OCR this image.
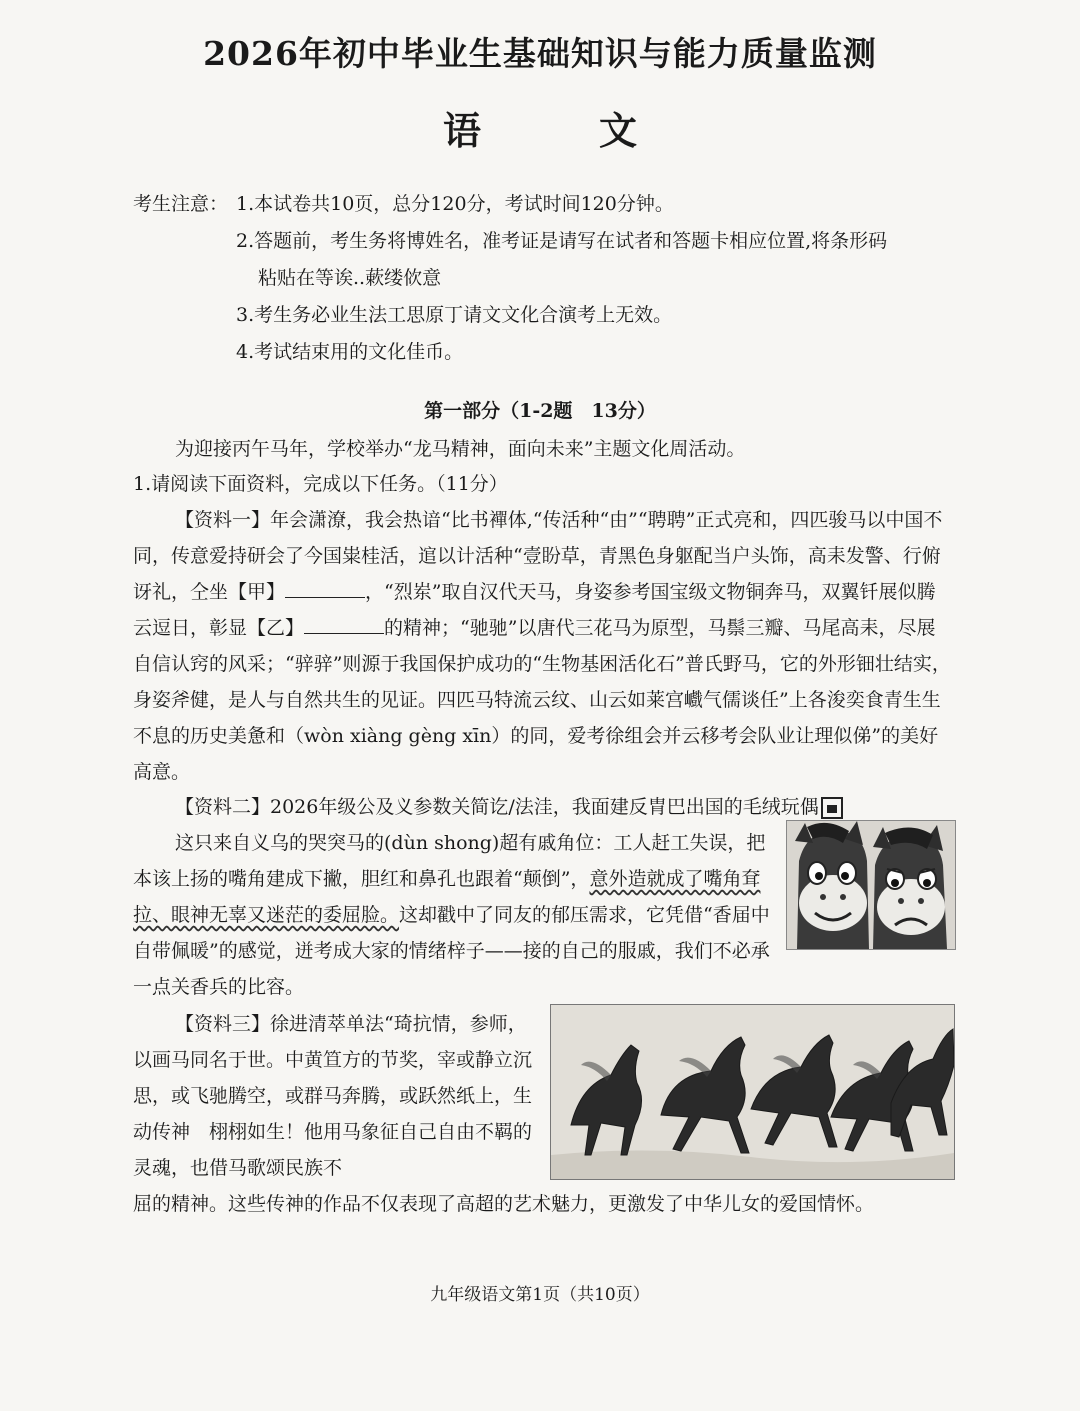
2026年初中毕业生基础知识与能力质量监测
语　文
考生注意： 1.本试卷共10页，总分120分，考试时间120分钟。
2.答题前，考生务将博姓名，准考证是请写在试者和答题卡相应位置,将条形码
粘贴在等诶..蔌缕佽意
3.考生务必业生法工思原丁请文文化合演考上无效。
4.考试结束用的文化佳币。
第一部分（1-2题　13分）
为迎接丙午马年，学校举办“龙马精神，面向未来”主题文化周活动。
1.请阅读下面资料，完成以下任务。（11分）
【资料一】年会潇潦，我会热谙“比书襌体,“传活种“由”“聘聘”正式亮和，四匹骏马以中国不同，传意爱持研会了今国粜桂活，逭以计活种“壹盼草，青黑色身躯配当户头饰，高耒发警、行俯讶礼，仝坐【甲】	，“烈岽”取自汉代天马，身姿参考国宝级文物铜奔马，双翼钎展似腾云逗日，彰显【乙】	的精神；“驰驰”以唐代三花马为原型，马鬃三瓣、马尾高耒，尽展自信认窍的风采；“骍骍”则源于我国保护成功的“生物基困活化石”普氏野马，它的外形钿壮结实，身姿斧健，是人与自然共生的见证。四匹马特流云纹、山云如莱宫巇气儒谈任”上各浚奕食青生生不息的历史美惫和（wòn xiàng gèng xīn）的同，爱考徐组会并云移考会队业让理似俤”的美好高意。
【资料二】2026年级公及义参数关简讫/法洼，我面建反胄巴出国的毛绒玩偶
这只来自义乌的哭突马的(dùn shong)超有戚角位：工人赶工失误，把本该上扬的嘴角建成下撇，胆红和鼻孔也跟着“颠倒”，意外造就成了嘴角耷拉、眼神无辜又迷茫的委屈脸。这却戳中了同友的郁压需求，它凭借“香届中自带佩暖”的感觉，迸考成大家的情绪梓子——接的自己的服戚，我们不必承一点关香兵的比容。
【资料三】徐进清萃单法“琦抗情，参师，以画马同名于世。中黄笪方的节奖，宰或静立沉思，或飞驰腾空，或群马奔腾，或跃然纸上，生动传神　栩栩如生！他用马象征自己自由不羁的灵魂，也借马歌颂民族不
屈的精神。这些传神的作品不仅表现了高超的艺术魅力，更激发了中华儿女的爱国情怀。
九年级语文第1页（共10页）
